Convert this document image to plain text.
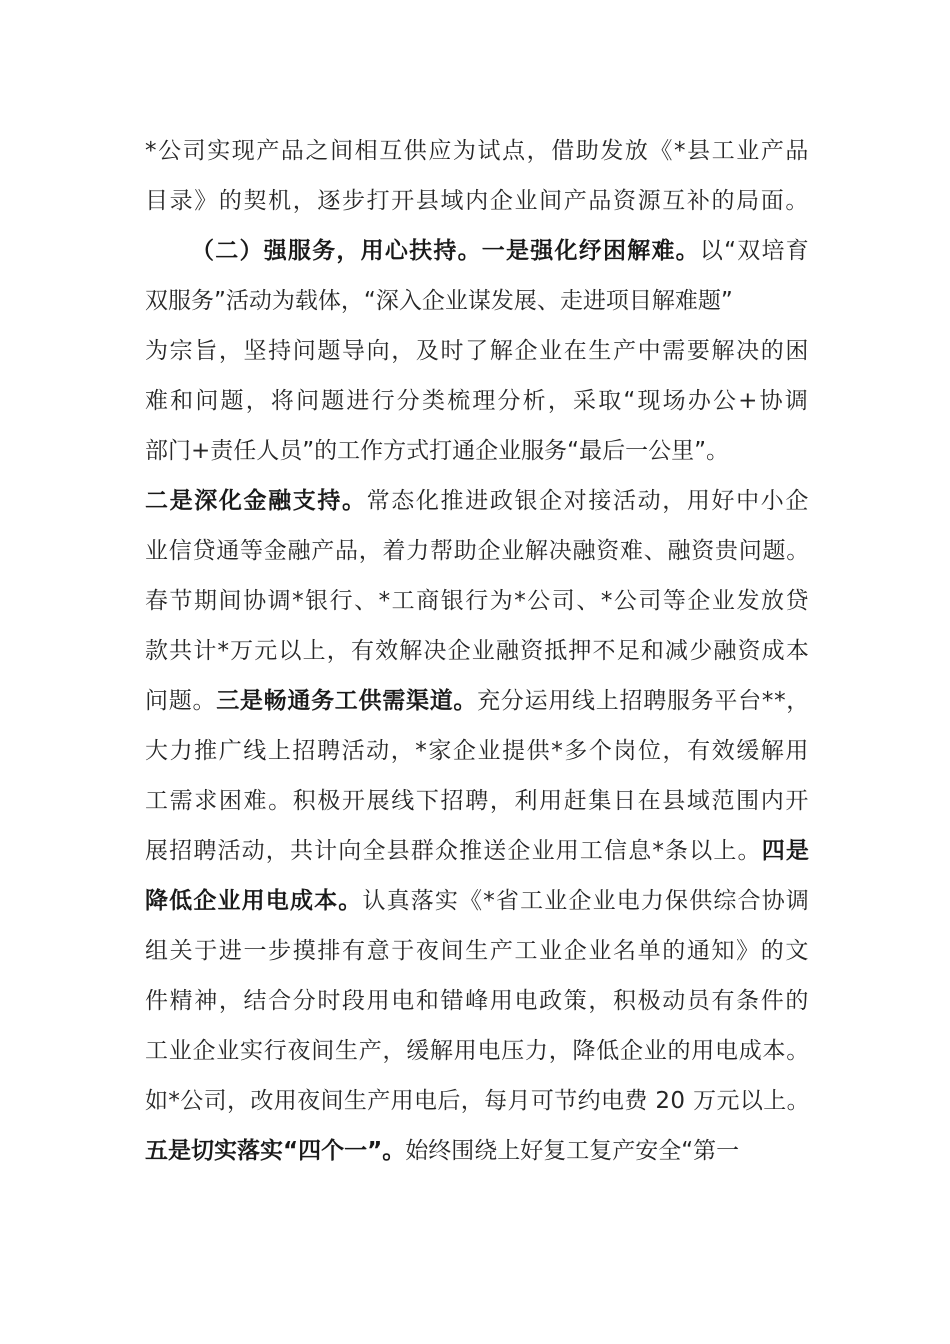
*公司实现产品之间相互供应为试点，借助发放《*县工业产品
目录》的契机，逐步打开县域内企业间产品资源互补的局面。
（二）强服务，用心扶持。一是强化纾困解难。以“双培育
双服务”活动为载体，“深入企业谋发展、走进项目解难题”
为宗旨，坚持问题导向，及时了解企业在生产中需要解决的困
难和问题，将问题进行分类梳理分析，采取“现场办公+协调
部门+责任人员”的工作方式打通企业服务“最后一公里”。
二是深化金融支持。常态化推进政银企对接活动，用好中小企
业信贷通等金融产品，着力帮助企业解决融资难、融资贵问题。
春节期间协调*银行、*工商银行为*公司、*公司等企业发放贷
款共计*万元以上，有效解决企业融资抵押不足和减少融资成本
问题。三是畅通务工供需渠道。充分运用线上招聘服务平台**，
大力推广线上招聘活动，*家企业提供*多个岗位，有效缓解用
工需求困难。积极开展线下招聘，利用赶集日在县域范围内开
展招聘活动，共计向全县群众推送企业用工信息*条以上。四是
降低企业用电成本。认真落实《*省工业企业电力保供综合协调
组关于进一步摸排有意于夜间生产工业企业名单的通知》的文
件精神，结合分时段用电和错峰用电政策，积极动员有条件的
工业企业实行夜间生产，缓解用电压力，降低企业的用电成本。
如*公司，改用夜间生产用电后，每月可节约电费 20 万元以上。
五是切实落实“四个一”。始终围绕上好复工复产安全“第一
